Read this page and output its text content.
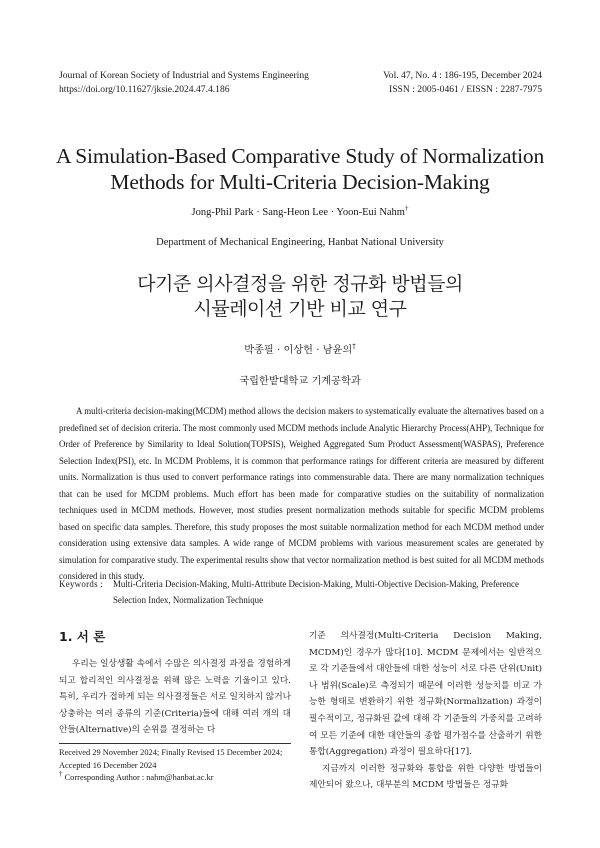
Journal of Korean Society of Industrial and Systems Engineering
https://doi.org/10.11627/jksie.2024.47.4.186
Vol. 47, No. 4 : 186-195, December 2024
ISSN : 2005-0461 / EISSN : 2287-7975
A Simulation-Based Comparative Study of Normalization
Methods for Multi-Criteria Decision-Making
Jong-Phil Park · Sang-Heon Lee · Yoon-Eui Nahm†
Department of Mechanical Engineering, Hanbat National University
다기준 의사결정을 위한 정규화 방법들의
시뮬레이션 기반 비교 연구
박종필 · 이상헌 · 남윤의†
국립한밭대학교 기계공학과

A multi-criteria decision-making(MCDM) method allows the decision makers to systematically evaluate the alternatives based on a predefined set of decision criteria. The most commonly used MCDM methods include Analytic Hierarchy Process(AHP), Technique for Order of Preference by Similarity to Ideal Solution(TOPSIS), Weighed Aggregated Sum Product Assessment(WASPAS), Preference Selection Index(PSI), etc. In MCDM Problems, it is common that performance ratings for different criteria are measured by different units. Normalization is thus used to convert performance ratings into commensurable data. There are many normalization techniques that can be used for MCDM problems. Much effort has been made for comparative studies on the suitability of normalization techniques used in MCDM methods. However, most studies present normalization methods suitable for specific MCDM problems based on specific data samples. Therefore, this study proposes the most suitable normalization method for each MCDM method under consideration using extensive data samples. A wide range of MCDM problems with various measurement scales are generated by simulation for comparative study. The experimental results show that vector normalization method is best suited for all MCDM methods considered in this study.

Keywords : Multi-Criteria Decision-Making, Multi-Attribute Decision-Making, Multi-Objective Decision-Making, Preference Selection Index, Normalization Technique
1. 서 론

우리는 일상생활 속에서 수많은 의사결정 과정을 경험하게 되고 합리적인 의사결정을 위해 많은 노력을 기울이고 있다. 특히, 우리가 접하게 되는 의사결정들은 서로 일치하지 않거나 상충하는 여러 종류의 기준(Criteria)들에 대해 여러 개의 대안들(Alternative)의 순위를 결정하는 다

기준 의사결정(Multi-Criteria Decision Making, MCDM)인 경우가 많다[10]. MCDM 문제에서는 일반적으로 각 기준들에서 대안들에 대한 성능이 서로 다른 단위(Unit)나 범위(Scale)로 측정되기 때문에 이러한 성능치를 비교 가능한 형태로 변환하기 위한 정규화(Normalization) 과정이 필수적이고, 정규화된 값에 대해 각 기준들의 가중치를 고려하여 모든 기준에 대한 대안들의 종합 평가점수를 산출하기 위한 통합(Aggregation) 과정이 필요하다[17].

지금까지 이러한 정규화와 통합을 위한 다양한 방법들이 제안되어 왔으나, 대부분의 MCDM 방법들은 정규화

Received 29 November 2024; Finally Revised 15 December 2024;
Accepted 16 December 2024
† Corresponding Author : nahm@hanbat.ac.kr
